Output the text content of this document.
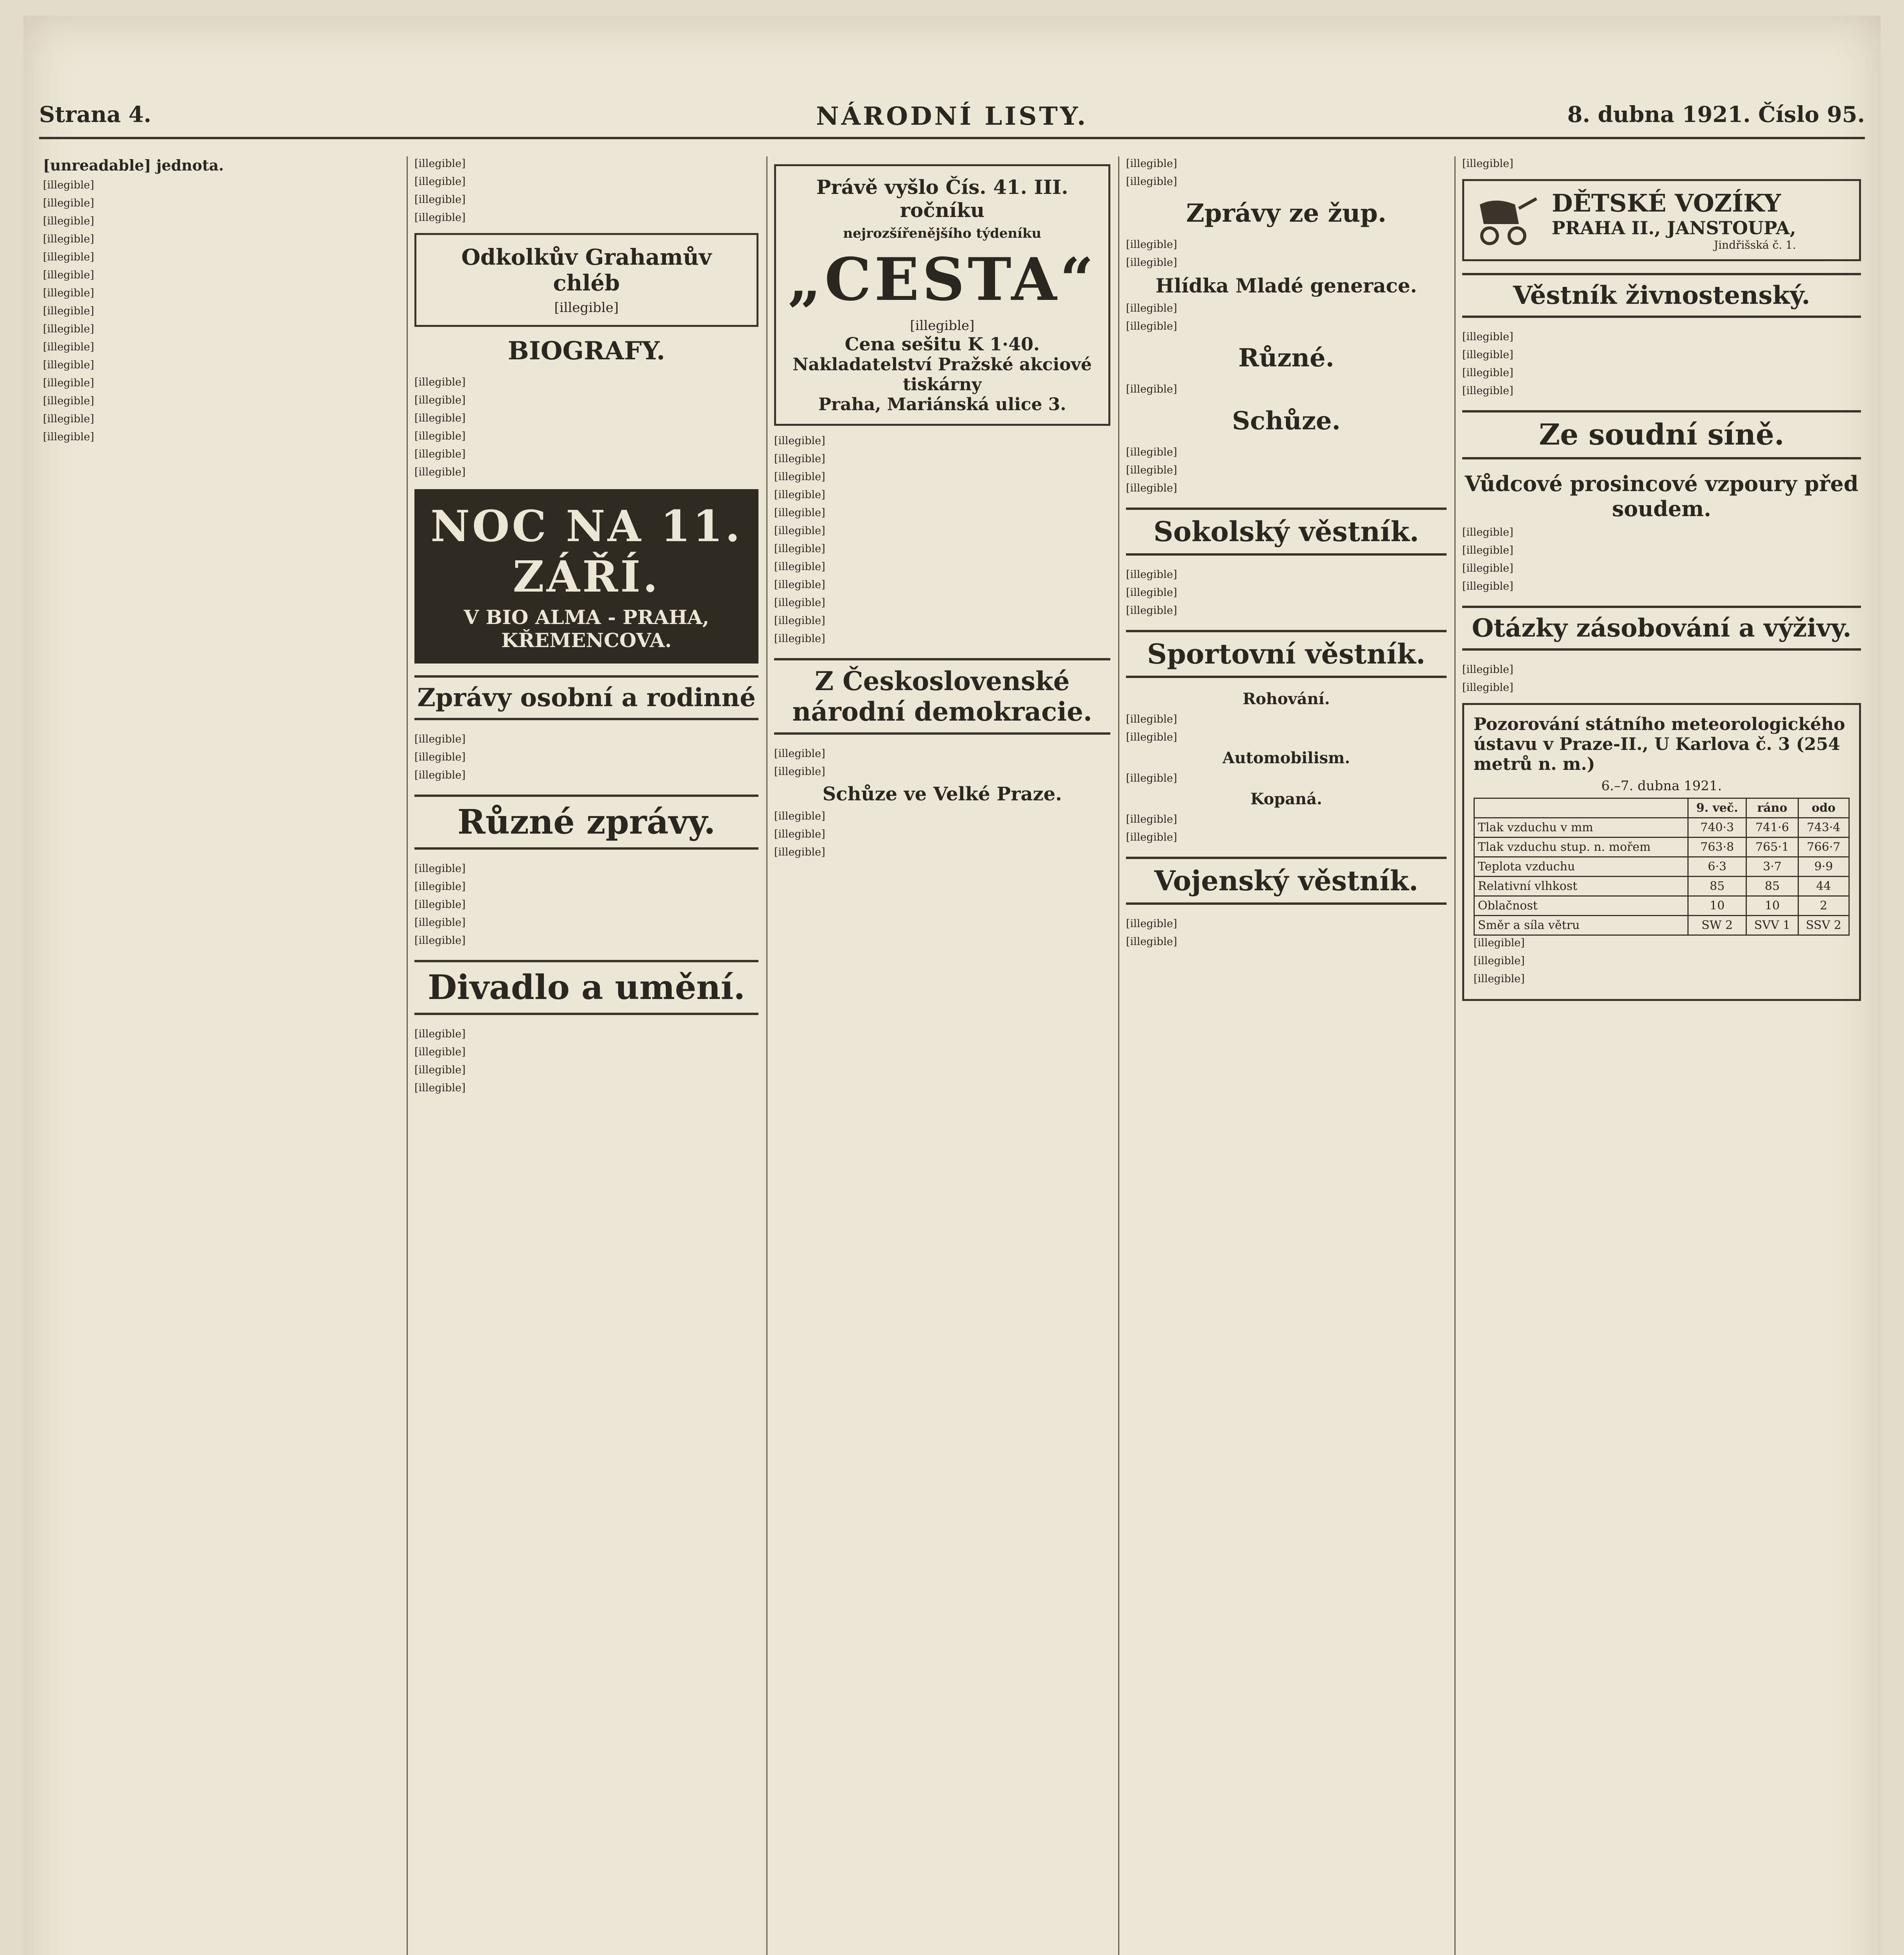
Strana 4.	NÁRODNÍ LISTY.	8. dubna 1921. Číslo 95.
[unreadable] jednota.

[illegible]

[illegible]

[illegible]

[illegible]

[illegible]

[illegible]

[illegible]

[illegible]

[illegible]

[illegible]

[illegible]

[illegible]

[illegible]

[illegible]

[illegible]

[illegible]

[illegible]

[illegible]

[illegible]

Odkolkův Grahamův chléb
[illegible]
BIOGRAFY.

[illegible]

[illegible]

[illegible]

[illegible]

[illegible]

[illegible]

NOC NA 11. ZÁŘÍ.
V BIO ALMA - PRAHA, KŘEMENCOVA.
Zprávy osobní a rodinné

[illegible]

[illegible]

[illegible]

Různé zprávy.

[illegible]

[illegible]

[illegible]

[illegible]

[illegible]

Divadlo a umění.

[illegible]

[illegible]

[illegible]

[illegible]

Právě vyšlo Čís. 41. III. ročníku
nejrozšířenějšího týdeníku
„CESTA“
[illegible]
Cena sešitu K 1·40.
Nakladatelství Pražské akciové tiskárny
Praha, Mariánská ulice 3.

[illegible]

[illegible]

[illegible]

[illegible]

[illegible]

[illegible]

[illegible]

[illegible]

[illegible]

[illegible]

[illegible]

[illegible]

Z Československé národní demokracie.

[illegible]

[illegible]

Schůze ve Velké Praze.

[illegible]

[illegible]

[illegible]

[illegible]

[illegible]

Zprávy ze žup.

[illegible]

[illegible]

Hlídka Mladé generace.

[illegible]

[illegible]

Různé.

[illegible]

Schůze.

[illegible]

[illegible]

[illegible]

Sokolský věstník.

[illegible]

[illegible]

[illegible]

Sportovní věstník.
Rohování.

[illegible]

[illegible]

Automobilism.

[illegible]

Kopaná.

[illegible]

[illegible]

Vojenský věstník.

[illegible]

[illegible]

[illegible]

DĚTSKÉ VOZÍKY
PRAHA II., JANSTOUPA,
Jindřišská č. 1.
Věstník živnostenský.

[illegible]

[illegible]

[illegible]

[illegible]

Ze soudní síně.
Vůdcové prosincové vzpoury před soudem.

[illegible]

[illegible]

[illegible]

[illegible]

Otázky zásobování a výživy.

[illegible]

[illegible]

Pozorování státního meteorologického ústavu v Praze-II., U Karlova č. 3 (254 metrů n. m.)
6.–7. dubna 1921.
	9. več.	ráno	odo
Tlak vzduchu v mm	740·3	741·6	743·4
Tlak vzduchu stup. n. mořem	763·8	765·1	766·7
Teplota vzduchu	6·3	3·7	9·9
Relativní vlhkost	85	85	44
Oblačnost	10	10	2
Směr a síla větru	SW 2	SVV 1	SSV 2

[illegible]

[illegible]

[illegible]
